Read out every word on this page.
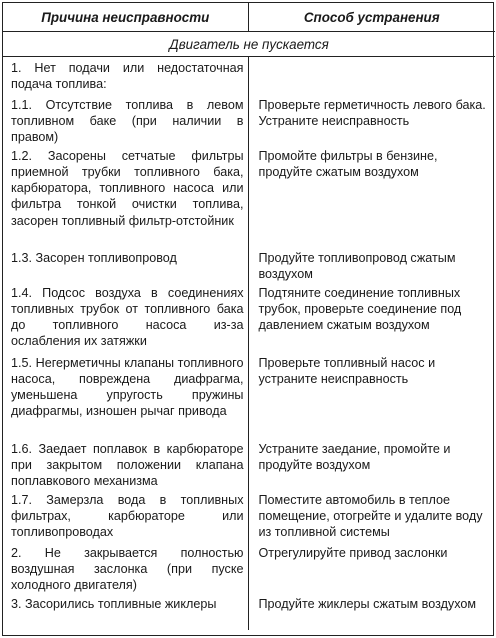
Причина неисправности	Способ устранения
Двигатель не пускается	
1. Нет подачи или недостаточная подача топлива:	
1.1. Отсутствие топлива в левом топливном баке (при наличии в правом)	Проверьте герметичность левого бака. Устраните неисправность
1.2. Засорены сетчатые фильтры приемной трубки топливного бака, карбюратора, топливного насоса или фильтра тонкой очистки топлива, засорен топливный фильтр-отстойник	Промойте фильтры в бензине, продуйте сжатым воздухом
1.3. Засорен топливопровод	Продуйте топливопровод сжатым воздухом
1.4. Подсос воздуха в соединениях топливных трубок от топливного бака до топливного насоса из-за ослабления их затяжки	Подтяните соединение топливных трубок, проверьте соединение под давлением сжатым воздухом
1.5. Негерметичны клапаны топливного насоса, повреждена диафрагма, уменьшена упругость пружины диафрагмы, изношен рычаг привода	Проверьте топливный насос и устраните неисправность
1.6. Заедает поплавок в карбюраторе при закрытом положении клапана поплавкового механизма	Устраните заедание, промойте и продуйте воздухом
1.7. Замерзла вода в топливных фильтрах, карбюраторе или топливопроводах	Поместите автомобиль в теплое помещение, отогрейте и удалите воду из топливной системы
2. Не закрывается полностью воздушная заслонка (при пуске холодного двигателя)	Отрегулируйте привод заслонки
3. Засорились топливные жиклеры	Продуйте жиклеры сжатым воздухом
